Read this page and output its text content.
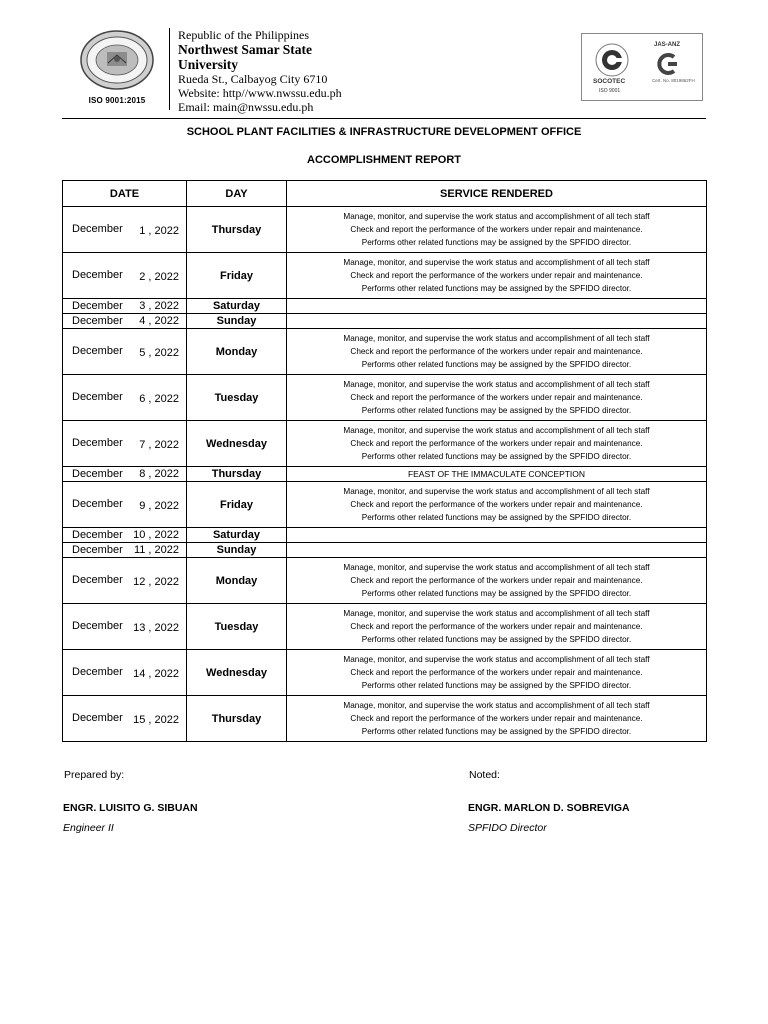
ISO 9001:2015
Republic of the Philippines
Northwest Samar State
University
Rueda St., Calbayog City 6710
Website: http//www.nwssu.edu.ph
Email: main@nwssu.edu.ph
SOCOTEC
ISO 9001
JAS-ANZ
Cert. No. 8019862FH
SCHOOL PLANT FACILITIES & INFRASTRUCTURE DEVELOPMENT OFFICE
ACCOMPLISHMENT REPORT
DATE	DAY	SERVICE RENDERED

December 1 , 2022	Thursday	Manage, monitor, and supervise the work status and accomplishment of all tech staff
Check and report the performance of the workers under repair and maintenance.
Performs other related functions may be assigned by the SPFIDO director.

December 2 , 2022	Friday	Manage, monitor, and supervise the work status and accomplishment of all tech staff
Check and report the performance of the workers under repair and maintenance.
Performs other related functions may be assigned by the SPFIDO director.

December 3 , 2022	Saturday	

December 4 , 2022	Sunday	

December 5 , 2022	Monday	Manage, monitor, and supervise the work status and accomplishment of all tech staff
Check and report the performance of the workers under repair and maintenance.
Performs other related functions may be assigned by the SPFIDO director.

December 6 , 2022	Tuesday	Manage, monitor, and supervise the work status and accomplishment of all tech staff
Check and report the performance of the workers under repair and maintenance.
Performs other related functions may be assigned by the SPFIDO director.

December 7 , 2022	Wednesday	Manage, monitor, and supervise the work status and accomplishment of all tech staff
Check and report the performance of the workers under repair and maintenance.
Performs other related functions may be assigned by the SPFIDO director.

December 8 , 2022	Thursday	FEAST OF THE IMMACULATE CONCEPTION

December 9 , 2022	Friday	Manage, monitor, and supervise the work status and accomplishment of all tech staff
Check and report the performance of the workers under repair and maintenance.
Performs other related functions may be assigned by the SPFIDO director.

December 10 , 2022	Saturday	

December 11 , 2022	Sunday	

December 12 , 2022	Monday	Manage, monitor, and supervise the work status and accomplishment of all tech staff
Check and report the performance of the workers under repair and maintenance.
Performs other related functions may be assigned by the SPFIDO director.

December 13 , 2022	Tuesday	Manage, monitor, and supervise the work status and accomplishment of all tech staff
Check and report the performance of the workers under repair and maintenance.
Performs other related functions may be assigned by the SPFIDO director.

December 14 , 2022	Wednesday	Manage, monitor, and supervise the work status and accomplishment of all tech staff
Check and report the performance of the workers under repair and maintenance.
Performs other related functions may be assigned by the SPFIDO director.

December 15 , 2022	Thursday	Manage, monitor, and supervise the work status and accomplishment of all tech staff
Check and report the performance of the workers under repair and maintenance.
Performs other related functions may be assigned by the SPFIDO director.
Prepared by:
ENGR. LUISITO G. SIBUAN
Engineer II
Noted:
ENGR. MARLON D. SOBREVIGA
SPFIDO Director
